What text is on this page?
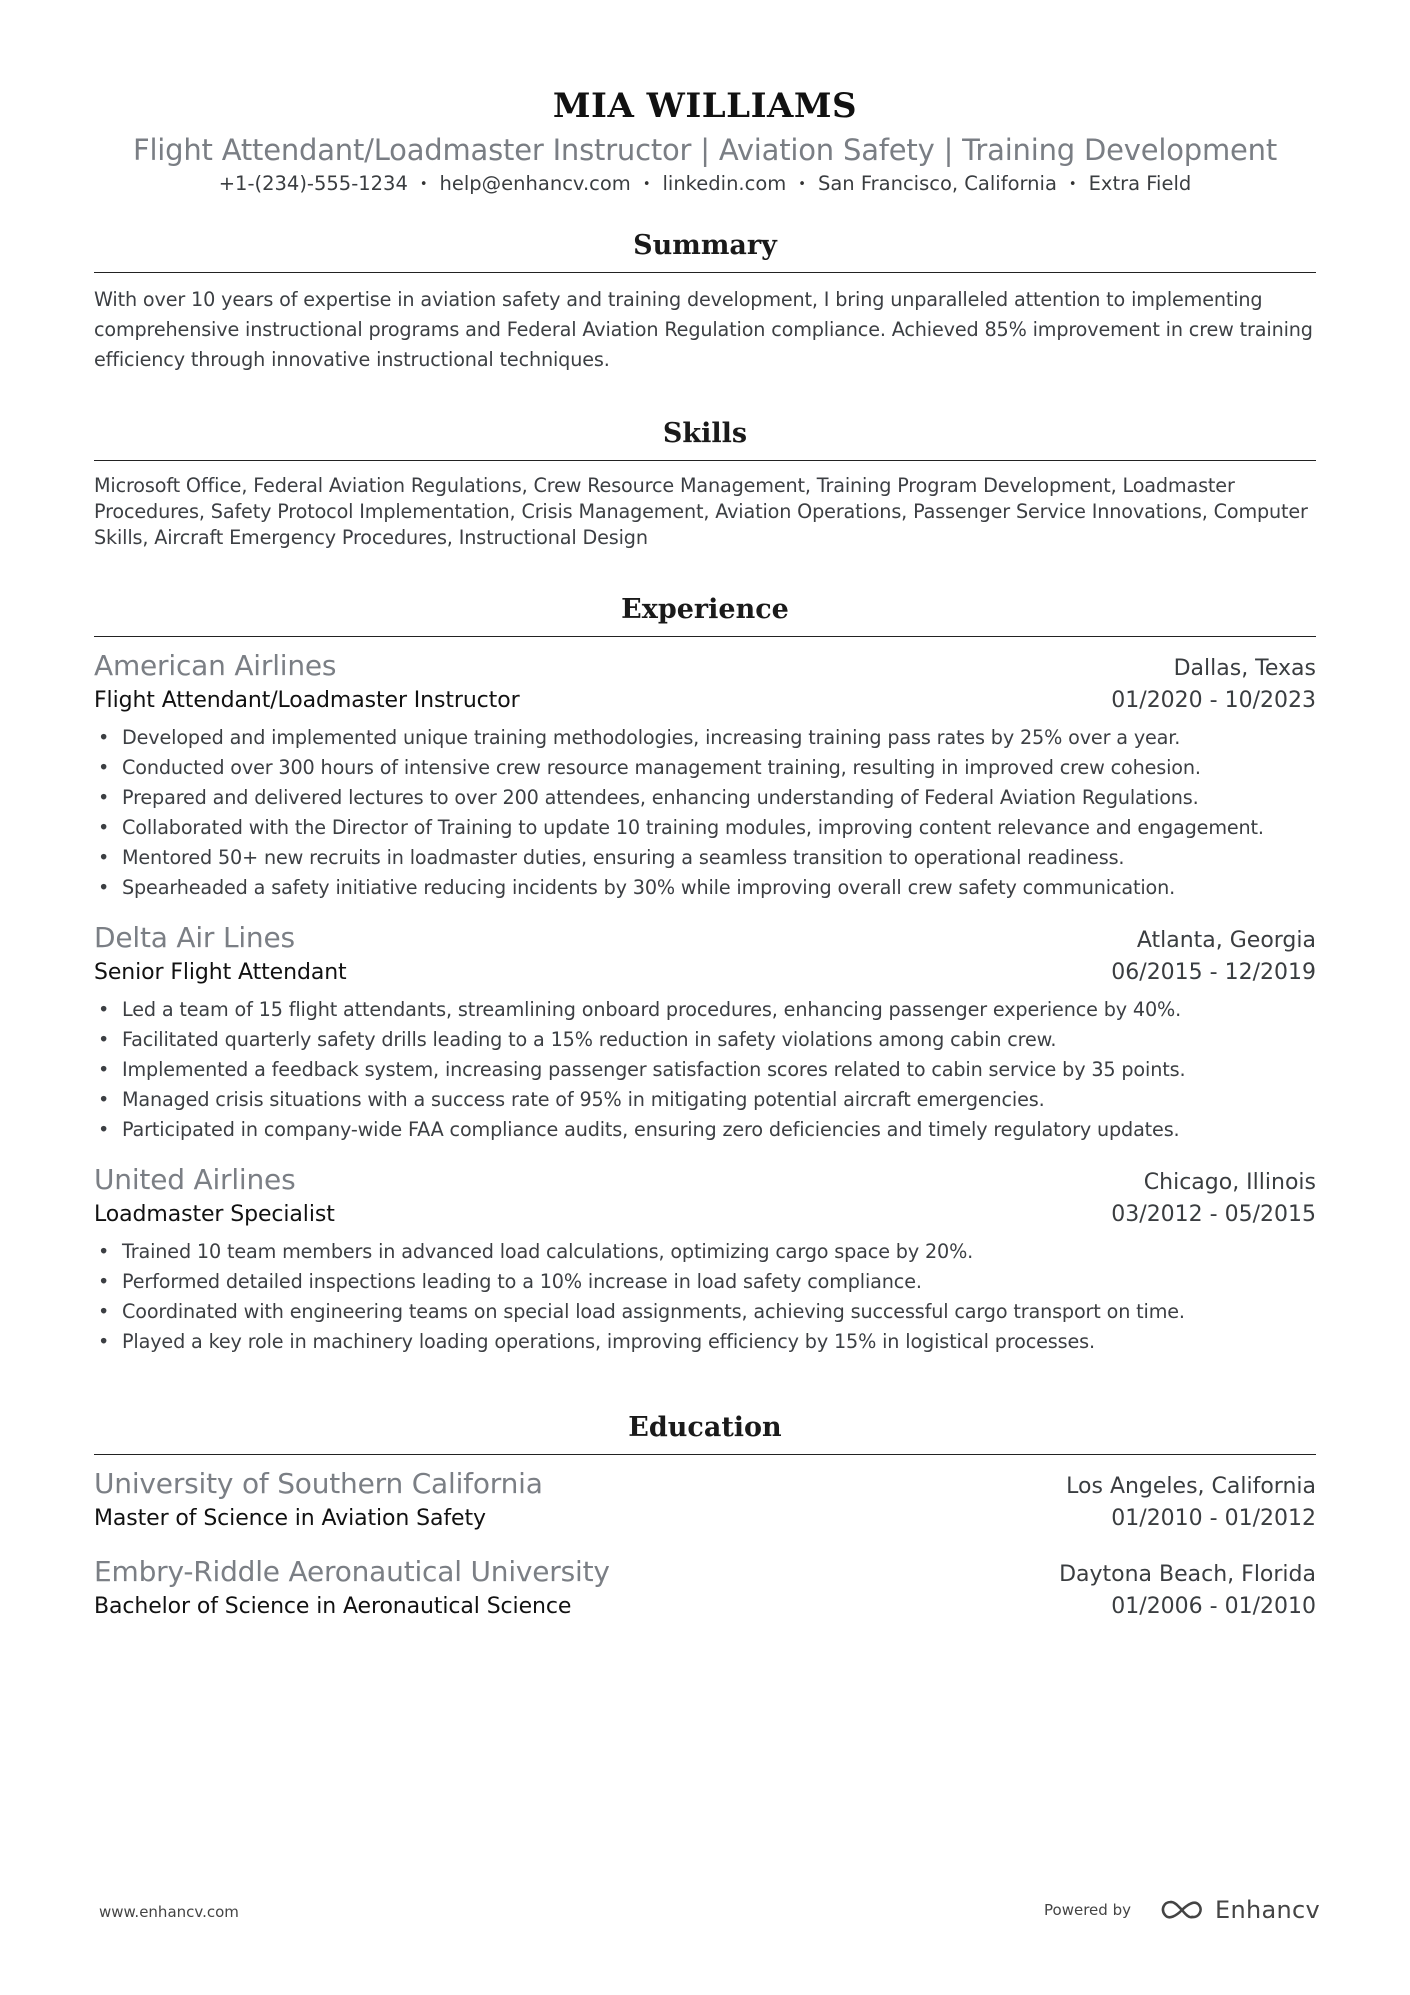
MIA WILLIAMS
Flight Attendant/Loadmaster Instructor | Aviation Safety | Training Development
+1-(234)-555-1234 • help@enhancv.com • linkedin.com • San Francisco, California • Extra Field
Summary
With over 10 years of expertise in aviation safety and training development, I bring unparalleled attention to implementing comprehensive instructional programs and Federal Aviation Regulation compliance. Achieved 85% improvement in crew training efficiency through innovative instructional techniques.
Skills
Microsoft Office, Federal Aviation Regulations, Crew Resource Management, Training Program Development, Loadmaster Procedures, Safety Protocol Implementation, Crisis Management, Aviation Operations, Passenger Service Innovations, Computer Skills, Aircraft Emergency Procedures, Instructional Design
Experience
American Airlines	Dallas, Texas
Flight Attendant/Loadmaster Instructor	01/2020 - 10/2023
• Developed and implemented unique training methodologies, increasing training pass rates by 25% over a year.
• Conducted over 300 hours of intensive crew resource management training, resulting in improved crew cohesion.
• Prepared and delivered lectures to over 200 attendees, enhancing understanding of Federal Aviation Regulations.
• Collaborated with the Director of Training to update 10 training modules, improving content relevance and engagement.
• Mentored 50+ new recruits in loadmaster duties, ensuring a seamless transition to operational readiness.
• Spearheaded a safety initiative reducing incidents by 30% while improving overall crew safety communication.
Delta Air Lines	Atlanta, Georgia
Senior Flight Attendant	06/2015 - 12/2019
• Led a team of 15 flight attendants, streamlining onboard procedures, enhancing passenger experience by 40%.
• Facilitated quarterly safety drills leading to a 15% reduction in safety violations among cabin crew.
• Implemented a feedback system, increasing passenger satisfaction scores related to cabin service by 35 points.
• Managed crisis situations with a success rate of 95% in mitigating potential aircraft emergencies.
• Participated in company-wide FAA compliance audits, ensuring zero deficiencies and timely regulatory updates.
United Airlines	Chicago, Illinois
Loadmaster Specialist	03/2012 - 05/2015
• Trained 10 team members in advanced load calculations, optimizing cargo space by 20%.
• Performed detailed inspections leading to a 10% increase in load safety compliance.
• Coordinated with engineering teams on special load assignments, achieving successful cargo transport on time.
• Played a key role in machinery loading operations, improving efficiency by 15% in logistical processes.
Education
University of Southern California	Los Angeles, California
Master of Science in Aviation Safety	01/2010 - 01/2012
Embry-Riddle Aeronautical University	Daytona Beach, Florida
Bachelor of Science in Aeronautical Science	01/2006 - 01/2010
www.enhancv.com	Powered by	Enhancv
